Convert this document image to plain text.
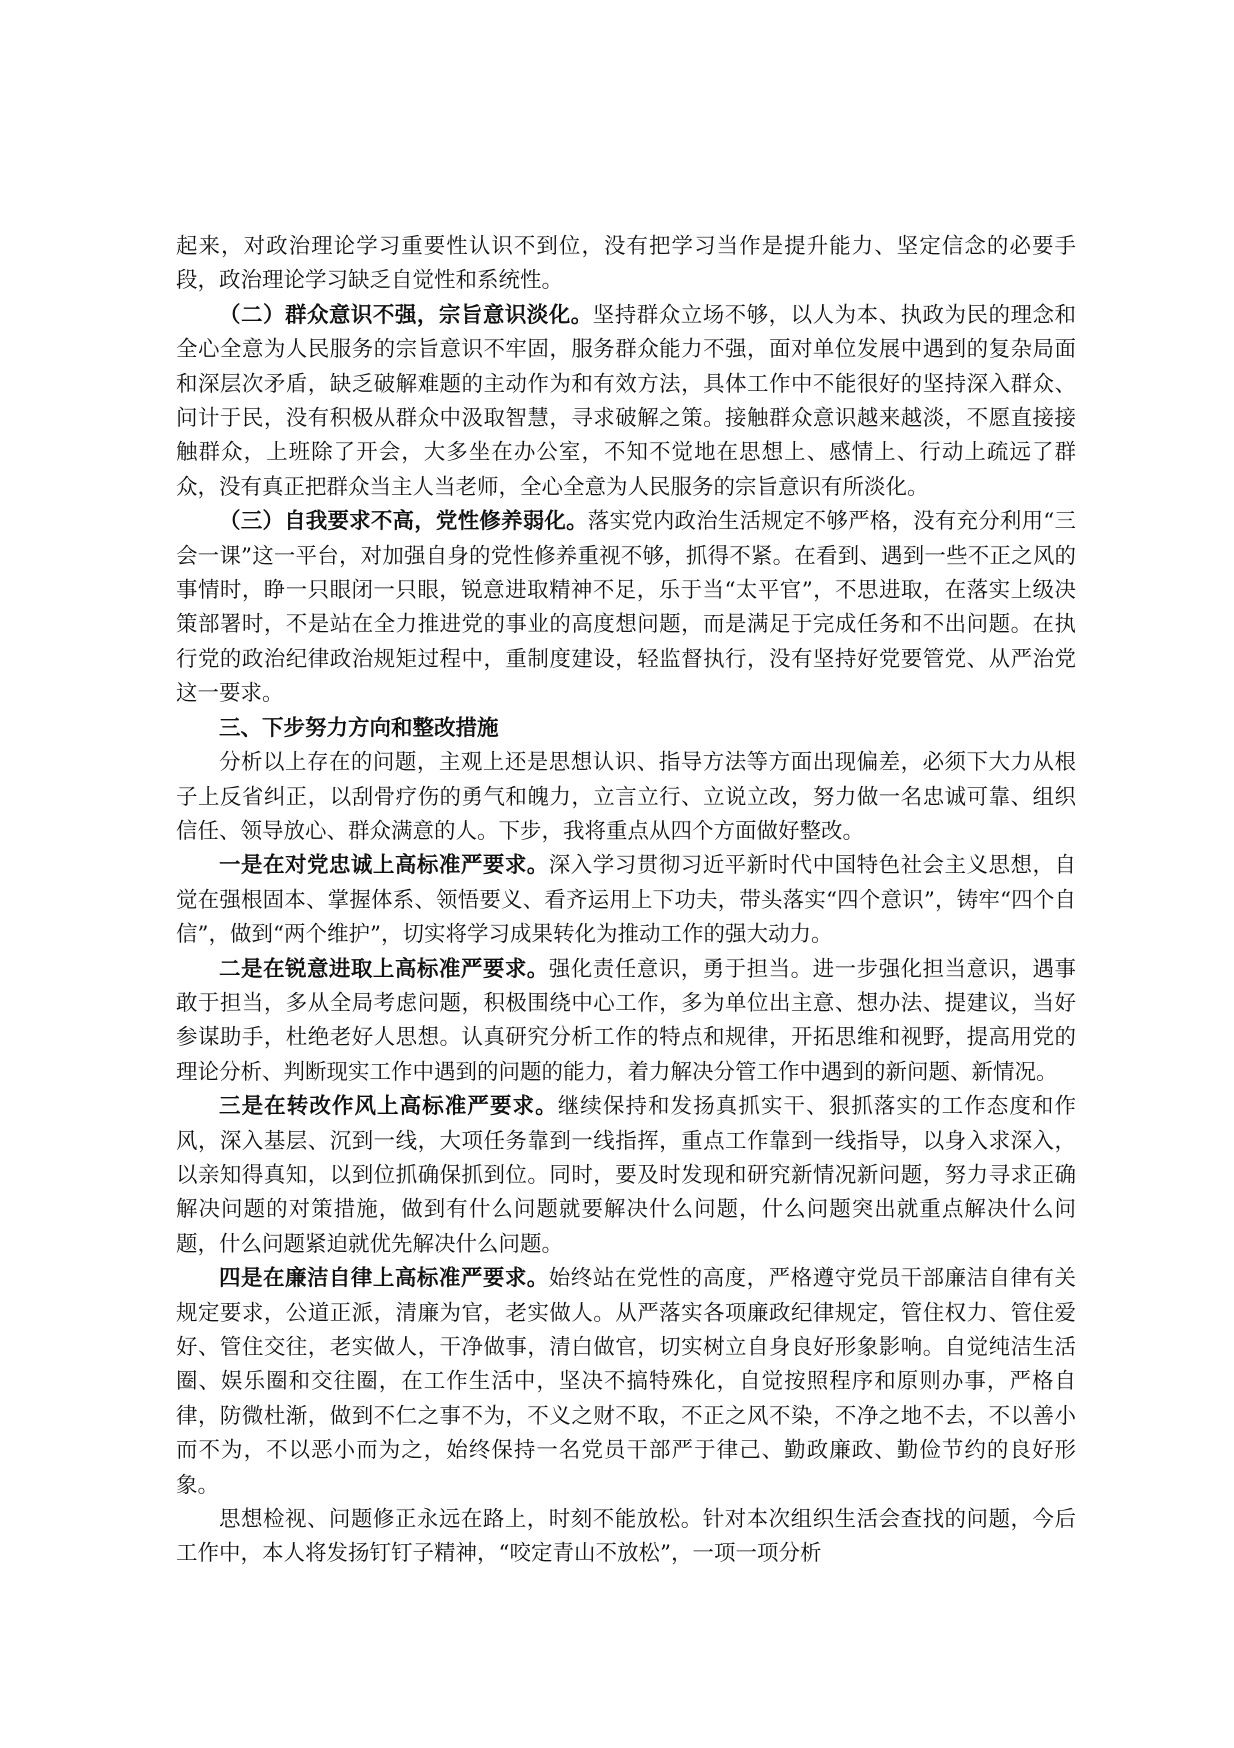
起来，对政治理论学习重要性认识不到位，没有把学习当作是提升能力、坚定信念的必要手段，政治理论学习缺乏自觉性和系统性。

（二）群众意识不强，宗旨意识淡化。坚持群众立场不够，以人为本、执政为民的理念和全心全意为人民服务的宗旨意识不牢固，服务群众能力不强，面对单位发展中遇到的复杂局面和深层次矛盾，缺乏破解难题的主动作为和有效方法，具体工作中不能很好的坚持深入群众、问计于民，没有积极从群众中汲取智慧，寻求破解之策。接触群众意识越来越淡，不愿直接接触群众，上班除了开会，大多坐在办公室，不知不觉地在思想上、感情上、行动上疏远了群众，没有真正把群众当主人当老师，全心全意为人民服务的宗旨意识有所淡化。

（三）自我要求不高，党性修养弱化。落实党内政治生活规定不够严格，没有充分利用“三会一课”这一平台，对加强自身的党性修养重视不够，抓得不紧。在看到、遇到一些不正之风的事情时，睁一只眼闭一只眼，锐意进取精神不足，乐于当“太平官”，不思进取，在落实上级决策部署时，不是站在全力推进党的事业的高度想问题，而是满足于完成任务和不出问题。在执行党的政治纪律政治规矩过程中，重制度建设，轻监督执行，没有坚持好党要管党、从严治党这一要求。

三、下步努力方向和整改措施

分析以上存在的问题，主观上还是思想认识、指导方法等方面出现偏差，必须下大力从根子上反省纠正，以刮骨疗伤的勇气和魄力，立言立行、立说立改，努力做一名忠诚可靠、组织信任、领导放心、群众满意的人。下步，我将重点从四个方面做好整改。

一是在对党忠诚上高标准严要求。深入学习贯彻习近平新时代中国特色社会主义思想，自觉在强根固本、掌握体系、领悟要义、看齐运用上下功夫，带头落实“四个意识”，铸牢“四个自信”，做到“两个维护”，切实将学习成果转化为推动工作的强大动力。

二是在锐意进取上高标准严要求。强化责任意识，勇于担当。进一步强化担当意识，遇事敢于担当，多从全局考虑问题，积极围绕中心工作，多为单位出主意、想办法、提建议，当好参谋助手，杜绝老好人思想。认真研究分析工作的特点和规律，开拓思维和视野，提高用党的理论分析、判断现实工作中遇到的问题的能力，着力解决分管工作中遇到的新问题、新情况。

三是在转改作风上高标准严要求。继续保持和发扬真抓实干、狠抓落实的工作态度和作风，深入基层、沉到一线，大项任务靠到一线指挥，重点工作靠到一线指导，以身入求深入，以亲知得真知，以到位抓确保抓到位。同时，要及时发现和研究新情况新问题，努力寻求正确解决问题的对策措施，做到有什么问题就要解决什么问题，什么问题突出就重点解决什么问题，什么问题紧迫就优先解决什么问题。

四是在廉洁自律上高标准严要求。始终站在党性的高度，严格遵守党员干部廉洁自律有关规定要求，公道正派，清廉为官，老实做人。从严落实各项廉政纪律规定，管住权力、管住爱好、管住交往，老实做人，干净做事，清白做官，切实树立自身良好形象影响。自觉纯洁生活圈、娱乐圈和交往圈，在工作生活中，坚决不搞特殊化，自觉按照程序和原则办事，严格自律，防微杜渐，做到不仁之事不为，不义之财不取，不正之风不染，不净之地不去，不以善小而不为，不以恶小而为之，始终保持一名党员干部严于律己、勤政廉政、勤俭节约的良好形象。

思想检视、问题修正永远在路上，时刻不能放松。针对本次组织生活会查找的问题，今后工作中，本人将发扬钉钉子精神，“咬定青山不放松”，一项一项分析
